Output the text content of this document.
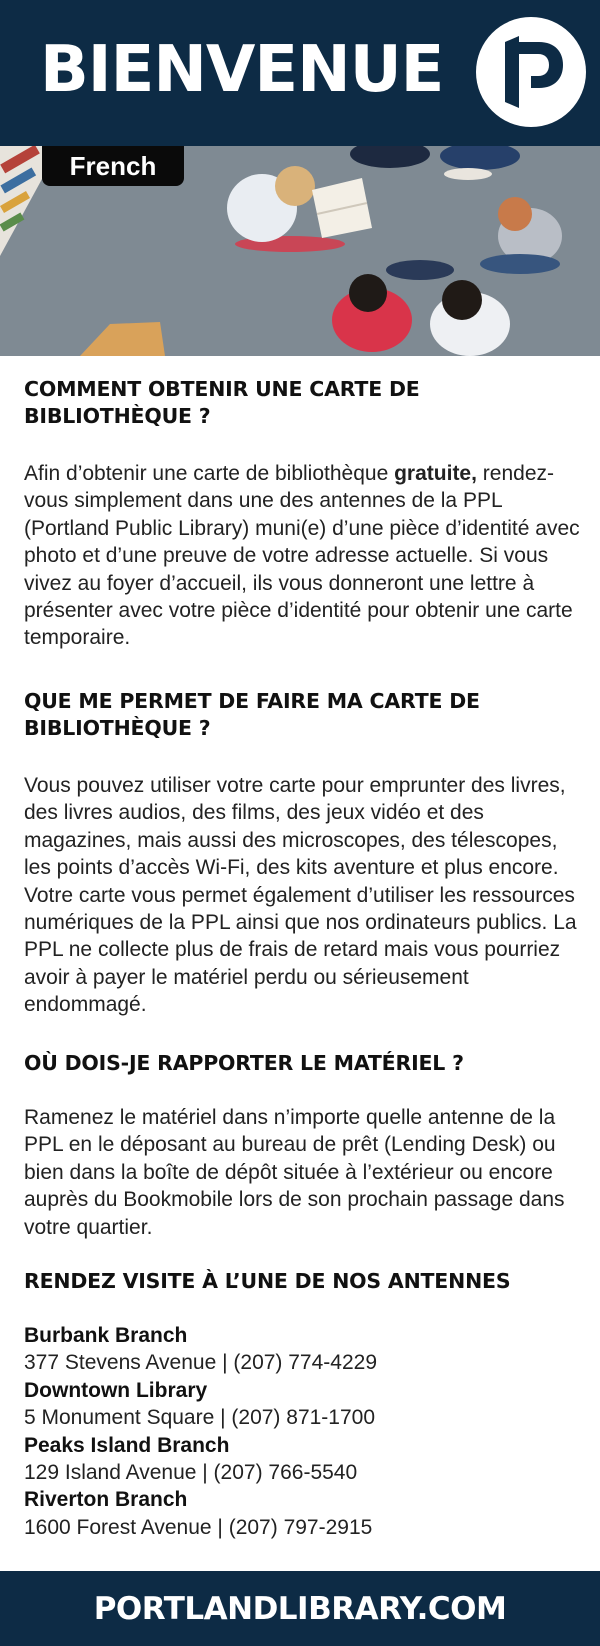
BIENVENUE
French
COMMENT OBTENIR UNE CARTE DE BIBLIOTHÈQUE ?

Afin d’obtenir une carte de bibliothèque gratuite, rendez-vous simplement dans une des antennes de la PPL (Portland Public Library) muni(e) d’une pièce d’identité avec photo et d’une preuve de votre adresse actuelle. Si vous vivez au foyer d’accueil, ils vous donneront une lettre à présenter avec votre pièce d’identité pour obtenir une carte temporaire.

QUE ME PERMET DE FAIRE MA CARTE DE BIBLIOTHÈQUE ?

Vous pouvez utiliser votre carte pour emprunter des livres, des livres audios, des films, des jeux vidéo et des magazines, mais aussi des microscopes, des télescopes, les points d’accès Wi-Fi, des kits aventure et plus encore. Votre carte vous permet également d’utiliser les ressources numériques de la PPL ainsi que nos ordinateurs publics. La PPL ne collecte plus de frais de retard mais vous pourriez avoir à payer le matériel perdu ou sérieusement endommagé.

OÙ DOIS-JE RAPPORTER LE MATÉRIEL ?

Ramenez le matériel dans n’importe quelle antenne de la PPL en le déposant au bureau de prêt (Lending Desk) ou bien dans la boîte de dépôt située à l’extérieur ou encore auprès du Bookmobile lors de son prochain passage dans votre quartier.

RENDEZ VISITE À L’UNE DE NOS ANTENNES
Burbank Branch
377 Stevens Avenue | (207) 774-4229
Downtown Library
5 Monument Square | (207) 871-1700
Peaks Island Branch
129 Island Avenue | (207) 766-5540
Riverton Branch
1600 Forest Avenue | (207) 797-2915
PORTLANDLIBRARY.COM
